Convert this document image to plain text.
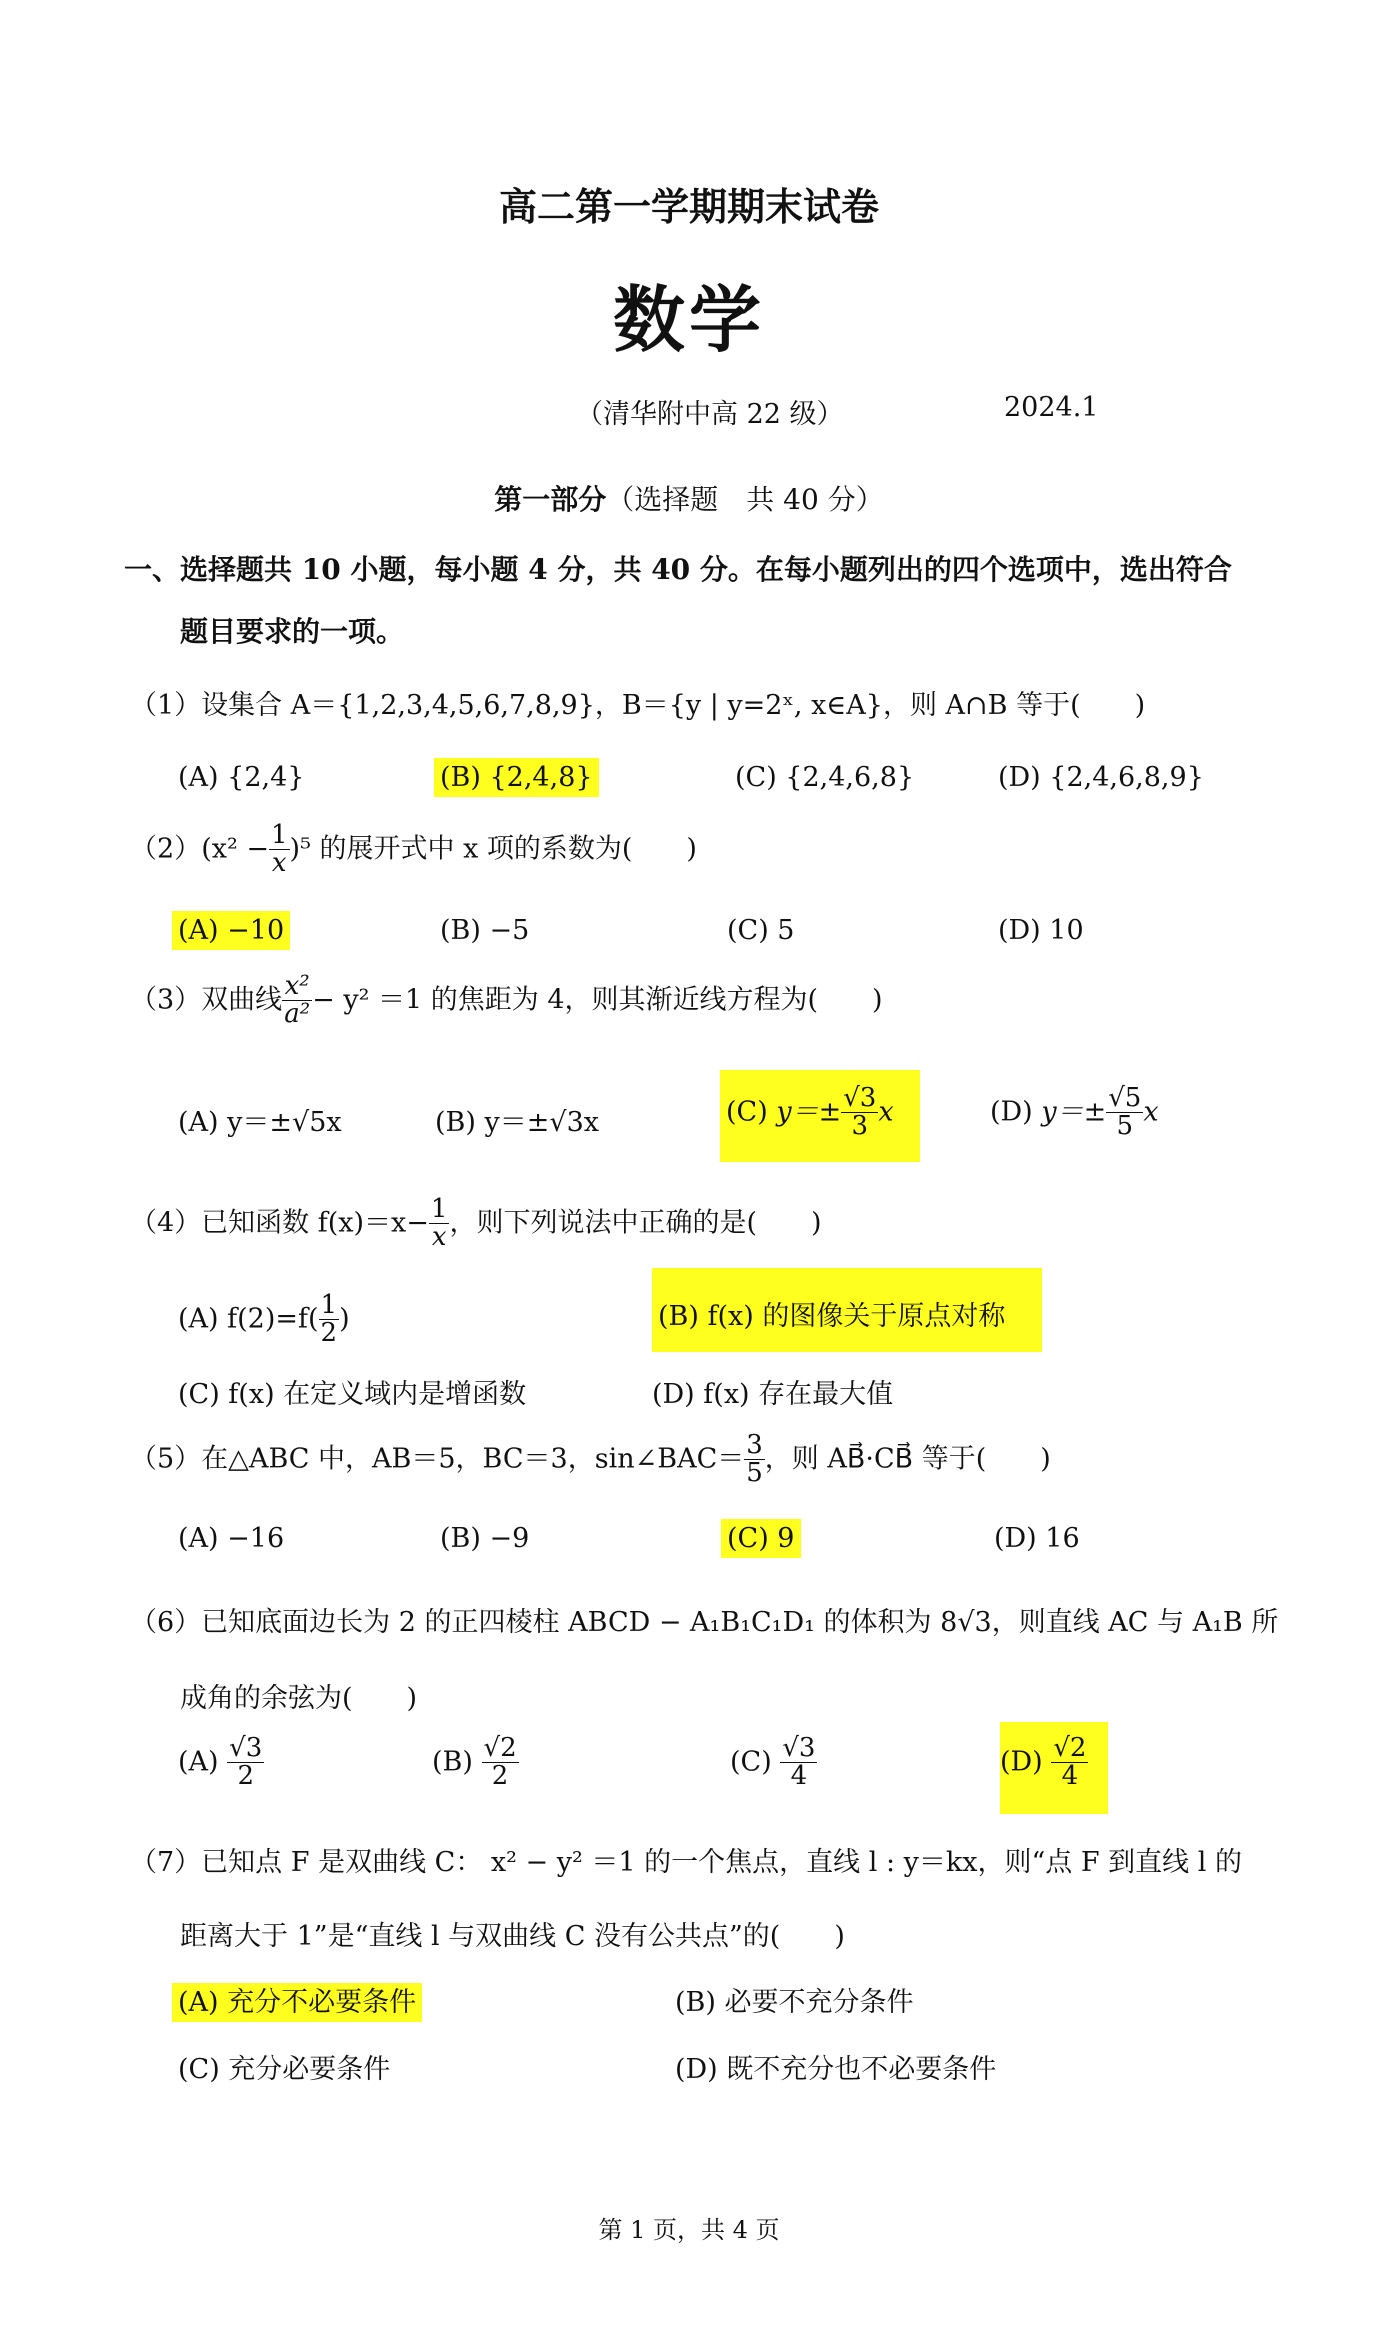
高二第一学期期末试卷
数学
（清华附中高 22 级）	2024.1
第一部分（选择题　共 40 分）
一、选择题共 10 小题，每小题 4 分，共 40 分。在每小题列出的四个选项中，选出符合
题目要求的一项。
（1）设集合 A＝{1,2,3,4,5,6,7,8,9}，B＝{y | y=2ˣ, x∈A}，则 A∩B 等于(　　)
(A) {2,4}	(B) {2,4,8}	(C) {2,4,6,8}	(D) {2,4,6,8,9}
$(2)(x^2 - \frac{1}{x} )^5$ 的展开式中 x 项的系数为(　　)
(A) −10	(B) −5	(C) 5	(D) 10
（3）双曲线 $\frac{\text{x²}}{\text{a²}} - y^2 =1$ 的焦距为 4，则其渐近线方程为(　　)
(A) y＝±√5x	(B) y＝±√3x	(C) $y=\pm \frac{√3}{3}$ x	(D) $y=\pm \frac{√5}{5}$ x
（4）已知函数 $f(x)=x- \frac{1}{x}$ ，则下列说法中正确的是(　　)
(A) $f(2)=f( \frac{1}{2}$ )	(B) f(x) 的图像关于原点对称
(C) f(x) 在定义域内是增函数	(D) f(x) 存在最大值
（5）在△ABC 中，AB＝5，BC＝3，sin∠BAC＝ $\frac{3}{5}$ ，则 AB⃗·CB⃗ 等于(　　)
(A) −16	(B) −9	(C) 9	(D) 16
（6）已知底面边长为 2 的正四棱柱 ABCD − A₁B₁C₁D₁ 的体积为 8√3，则直线 AC 与 A₁B 所
成角的余弦为(　　)
$(A) \frac{√3}{2}$	$(B) \frac{√2}{2}$	$(C) \frac{√3}{4}$	$(D) \frac{√2}{4}$
（7）已知点 F 是双曲线 C： x² − y² ＝1 的一个焦点，直线 l : y＝kx，则“点 F 到直线 l 的
距离大于 1”是“直线 l 与双曲线 C 没有公共点”的(　　)
(A) 充分不必要条件	(B) 必要不充分条件
(C) 充分必要条件	(D) 既不充分也不必要条件
第 1 页，共 4 页
